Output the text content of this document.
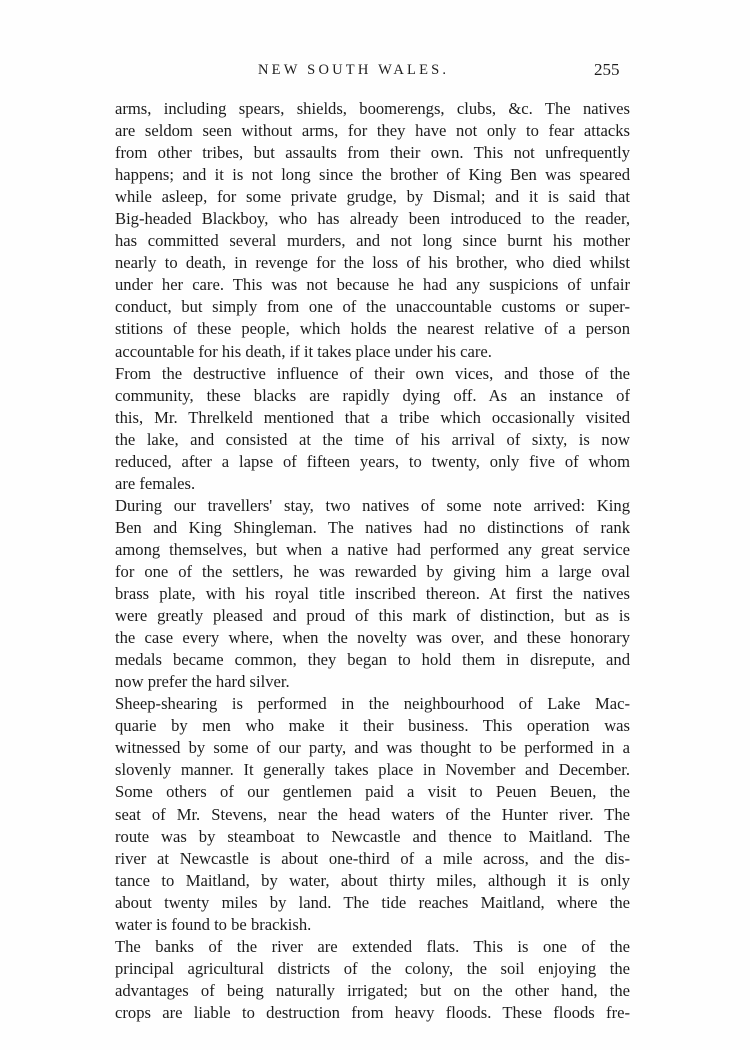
NEW SOUTH WALES.	255
arms, including spears, shields, boomerengs, clubs, &c. The natives
are seldom seen without arms, for they have not only to fear attacks
from other tribes, but assaults from their own. This not unfrequently
happens; and it is not long since the brother of King Ben was speared
while asleep, for some private grudge, by Dismal; and it is said that
Big-headed Blackboy, who has already been introduced to the reader,
has committed several murders, and not long since burnt his mother
nearly to death, in revenge for the loss of his brother, who died whilst
under her care. This was not because he had any suspicions of unfair
conduct, but simply from one of the unaccountable customs or super-
stitions of these people, which holds the nearest relative of a person
accountable for his death, if it takes place under his care.
From the destructive influence of their own vices, and those of the
community, these blacks are rapidly dying off. As an instance of
this, Mr. Threlkeld mentioned that a tribe which occasionally visited
the lake, and consisted at the time of his arrival of sixty, is now
reduced, after a lapse of fifteen years, to twenty, only five of whom
are females.
During our travellers' stay, two natives of some note arrived: King
Ben and King Shingleman. The natives had no distinctions of rank
among themselves, but when a native had performed any great service
for one of the settlers, he was rewarded by giving him a large oval
brass plate, with his royal title inscribed thereon. At first the natives
were greatly pleased and proud of this mark of distinction, but as is
the case every where, when the novelty was over, and these honorary
medals became common, they began to hold them in disrepute, and
now prefer the hard silver.
Sheep-shearing is performed in the neighbourhood of Lake Mac-
quarie by men who make it their business. This operation was
witnessed by some of our party, and was thought to be performed in a
slovenly manner. It generally takes place in November and December.
Some others of our gentlemen paid a visit to Peuen Beuen, the
seat of Mr. Stevens, near the head waters of the Hunter river. The
route was by steamboat to Newcastle and thence to Maitland. The
river at Newcastle is about one-third of a mile across, and the dis-
tance to Maitland, by water, about thirty miles, although it is only
about twenty miles by land. The tide reaches Maitland, where the
water is found to be brackish.
The banks of the river are extended flats. This is one of the
principal agricultural districts of the colony, the soil enjoying the
advantages of being naturally irrigated; but on the other hand, the
crops are liable to destruction from heavy floods. These floods fre-
